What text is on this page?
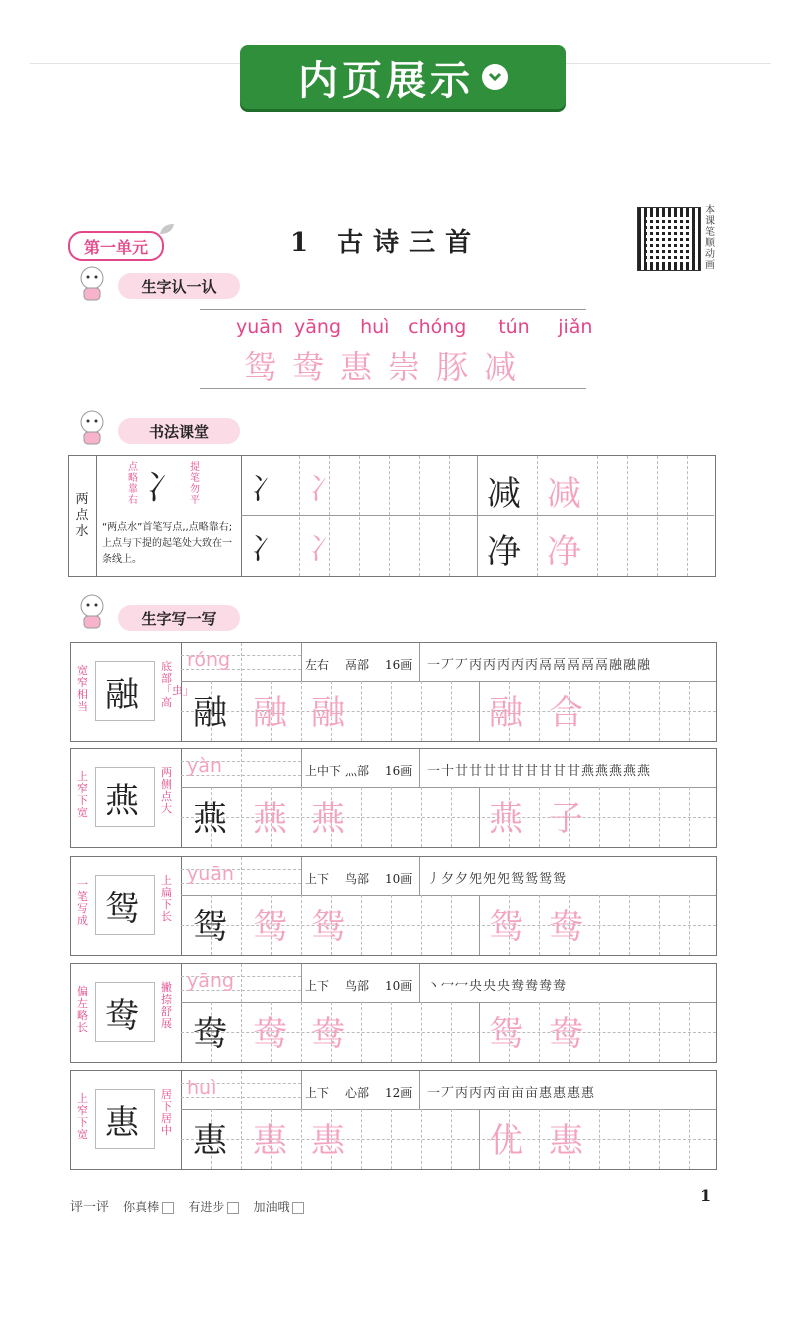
内页展示
第一单元	1 古诗三首
本课笔顺动画
生字认一认
yuān yāng huì chóng tún jiǎn
鸳鸯惠崇豚减
书法课堂
两点水
点略靠右 冫
提笔勿平
“两点水”首笔写点,,点略靠右;上点与下提的起笔处大致在一条线上。
冫 冫
冫 冫
减 减
净 净
生字写一写
宽窄相当 融
底部「虫」高
róng	左右 鬲部 16画 一丆丆丙丙丙丙丙鬲鬲鬲鬲鬲融融融
融 融 融	融 合
上窄下宽 燕
两侧点大
yàn	上中下 灬部 16画 一十廿廿廿廿甘甘甘甘甘燕燕燕燕燕
燕 燕 燕	燕 子
一笔写成 鸳
上扁下长
yuān	上下 鸟部 10画 丿夕夕夗夗夗鸳鸳鸳鸳
鸳 鸳 鸳	鸳 鸯
偏左略长 鸯
撇捺舒展
yāng	上下 鸟部 10画 丶冖冖央央央鸯鸯鸯鸯
鸯 鸯 鸯	鸳 鸯
上窄下宽 惠
居下居中
huì	上下 心部 12画 一丆丙丙丙亩亩亩惠惠惠惠
惠 惠 惠	优 惠
评一评 你真棒 有进步 加油哦
1
